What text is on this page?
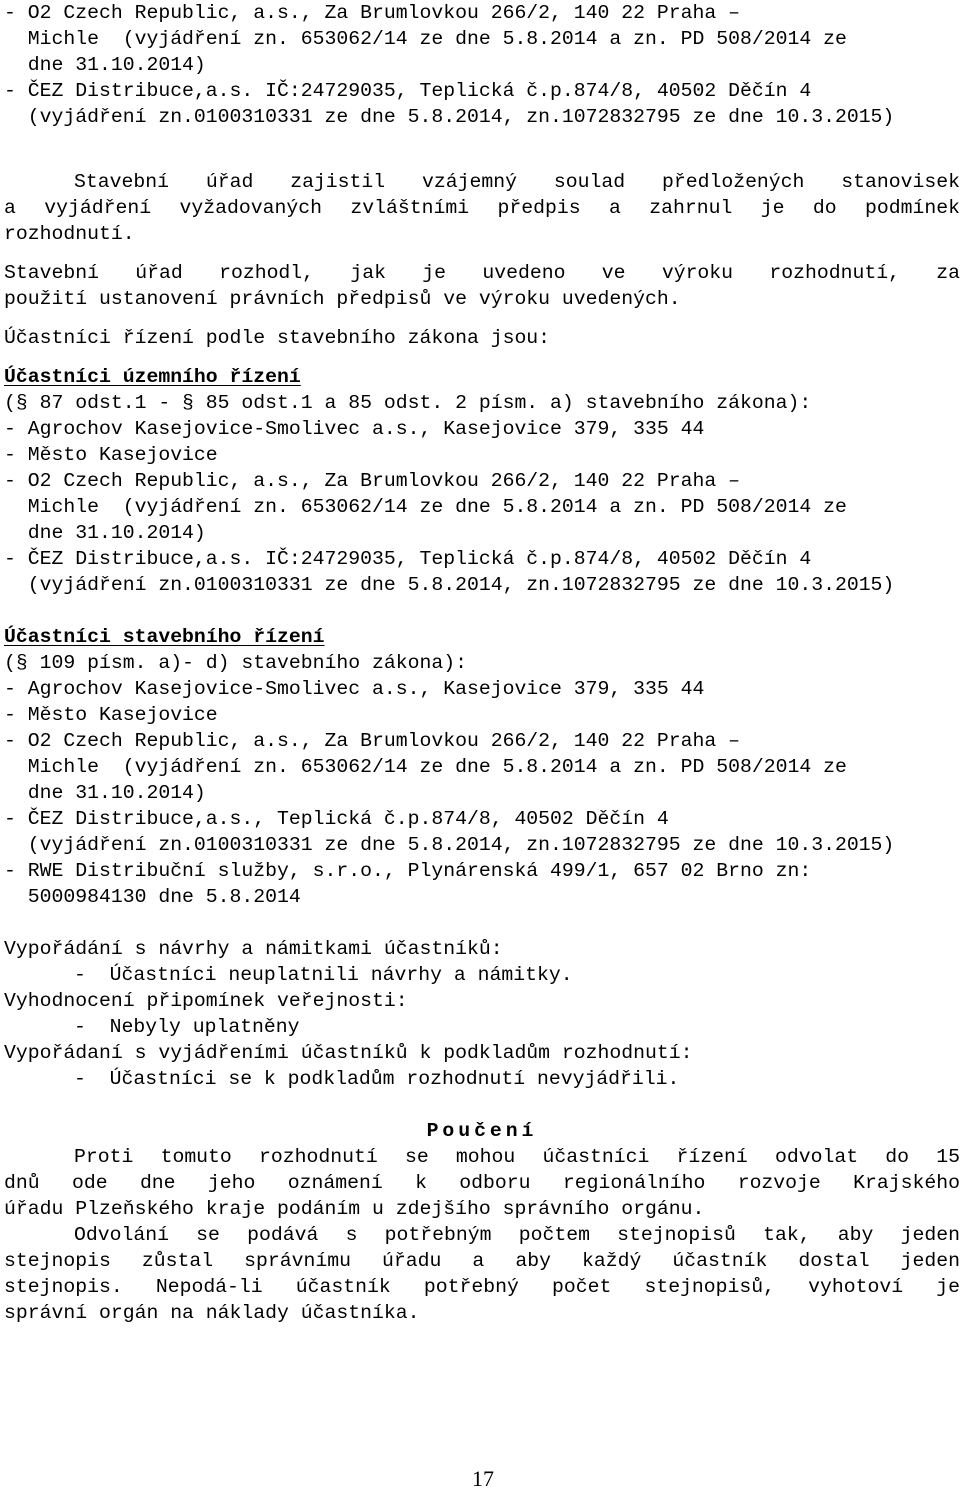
- O2 Czech Republic, a.s., Za Brumlovkou 266/2, 140 22 Praha –
Michle  (vyjádření zn. 653062/14 ze dne 5.8.2014 a zn. PD 508/2014 ze
dne 31.10.2014)
- ČEZ Distribuce,a.s. IČ:24729035, Teplická č.p.874/8, 40502 Děčín 4
(vyjádření zn.0100310331 ze dne 5.8.2014, zn.1072832795 ze dne 10.3.2015)
Stavební úřad zajistil vzájemný soulad předložených stanovisek
a vyjádření vyžadovaných zvláštními předpis a zahrnul je do podmínek
rozhodnutí.
Stavební úřad rozhodl, jak je uvedeno ve výroku rozhodnutí, za
použití ustanovení právních předpisů ve výroku uvedených.
Účastníci řízení podle stavebního zákona jsou:
Účastníci územního řízení
(§ 87 odst.1 - § 85 odst.1 a 85 odst. 2 písm. a) stavebního zákona):
- Agrochov Kasejovice-Smolivec a.s., Kasejovice 379, 335 44
- Město Kasejovice
- O2 Czech Republic, a.s., Za Brumlovkou 266/2, 140 22 Praha –
Michle  (vyjádření zn. 653062/14 ze dne 5.8.2014 a zn. PD 508/2014 ze
dne 31.10.2014)
- ČEZ Distribuce,a.s. IČ:24729035, Teplická č.p.874/8, 40502 Děčín 4
(vyjádření zn.0100310331 ze dne 5.8.2014, zn.1072832795 ze dne 10.3.2015)
Účastníci stavebního řízení
(§ 109 písm. a)- d) stavebního zákona):
- Agrochov Kasejovice-Smolivec a.s., Kasejovice 379, 335 44
- Město Kasejovice
- O2 Czech Republic, a.s., Za Brumlovkou 266/2, 140 22 Praha –
Michle  (vyjádření zn. 653062/14 ze dne 5.8.2014 a zn. PD 508/2014 ze
dne 31.10.2014)
- ČEZ Distribuce,a.s., Teplická č.p.874/8, 40502 Děčín 4
(vyjádření zn.0100310331 ze dne 5.8.2014, zn.1072832795 ze dne 10.3.2015)
- RWE Distribuční služby, s.r.o., Plynárenská 499/1, 657 02 Brno zn:
5000984130 dne 5.8.2014
Vypořádání s návrhy a námitkami účastníků:
-  Účastníci neuplatnili návrhy a námitky.
Vyhodnocení připomínek veřejnosti:
-  Nebyly uplatněny
Vypořádaní s vyjádřeními účastníků k podkladům rozhodnutí:
-  Účastníci se k podkladům rozhodnutí nevyjádřili.
Poučení
Proti tomuto rozhodnutí se mohou účastníci řízení odvolat do 15
dnů ode dne jeho oznámení k odboru regionálního rozvoje Krajského
úřadu Plzeňského kraje podáním u zdejšího správního orgánu.
Odvolání se podává s potřebným počtem stejnopisů tak, aby jeden
stejnopis zůstal správnímu úřadu a aby každý účastník dostal jeden
stejnopis. Nepodá-li účastník potřebný počet stejnopisů, vyhotoví je
správní orgán na náklady účastníka.
17
